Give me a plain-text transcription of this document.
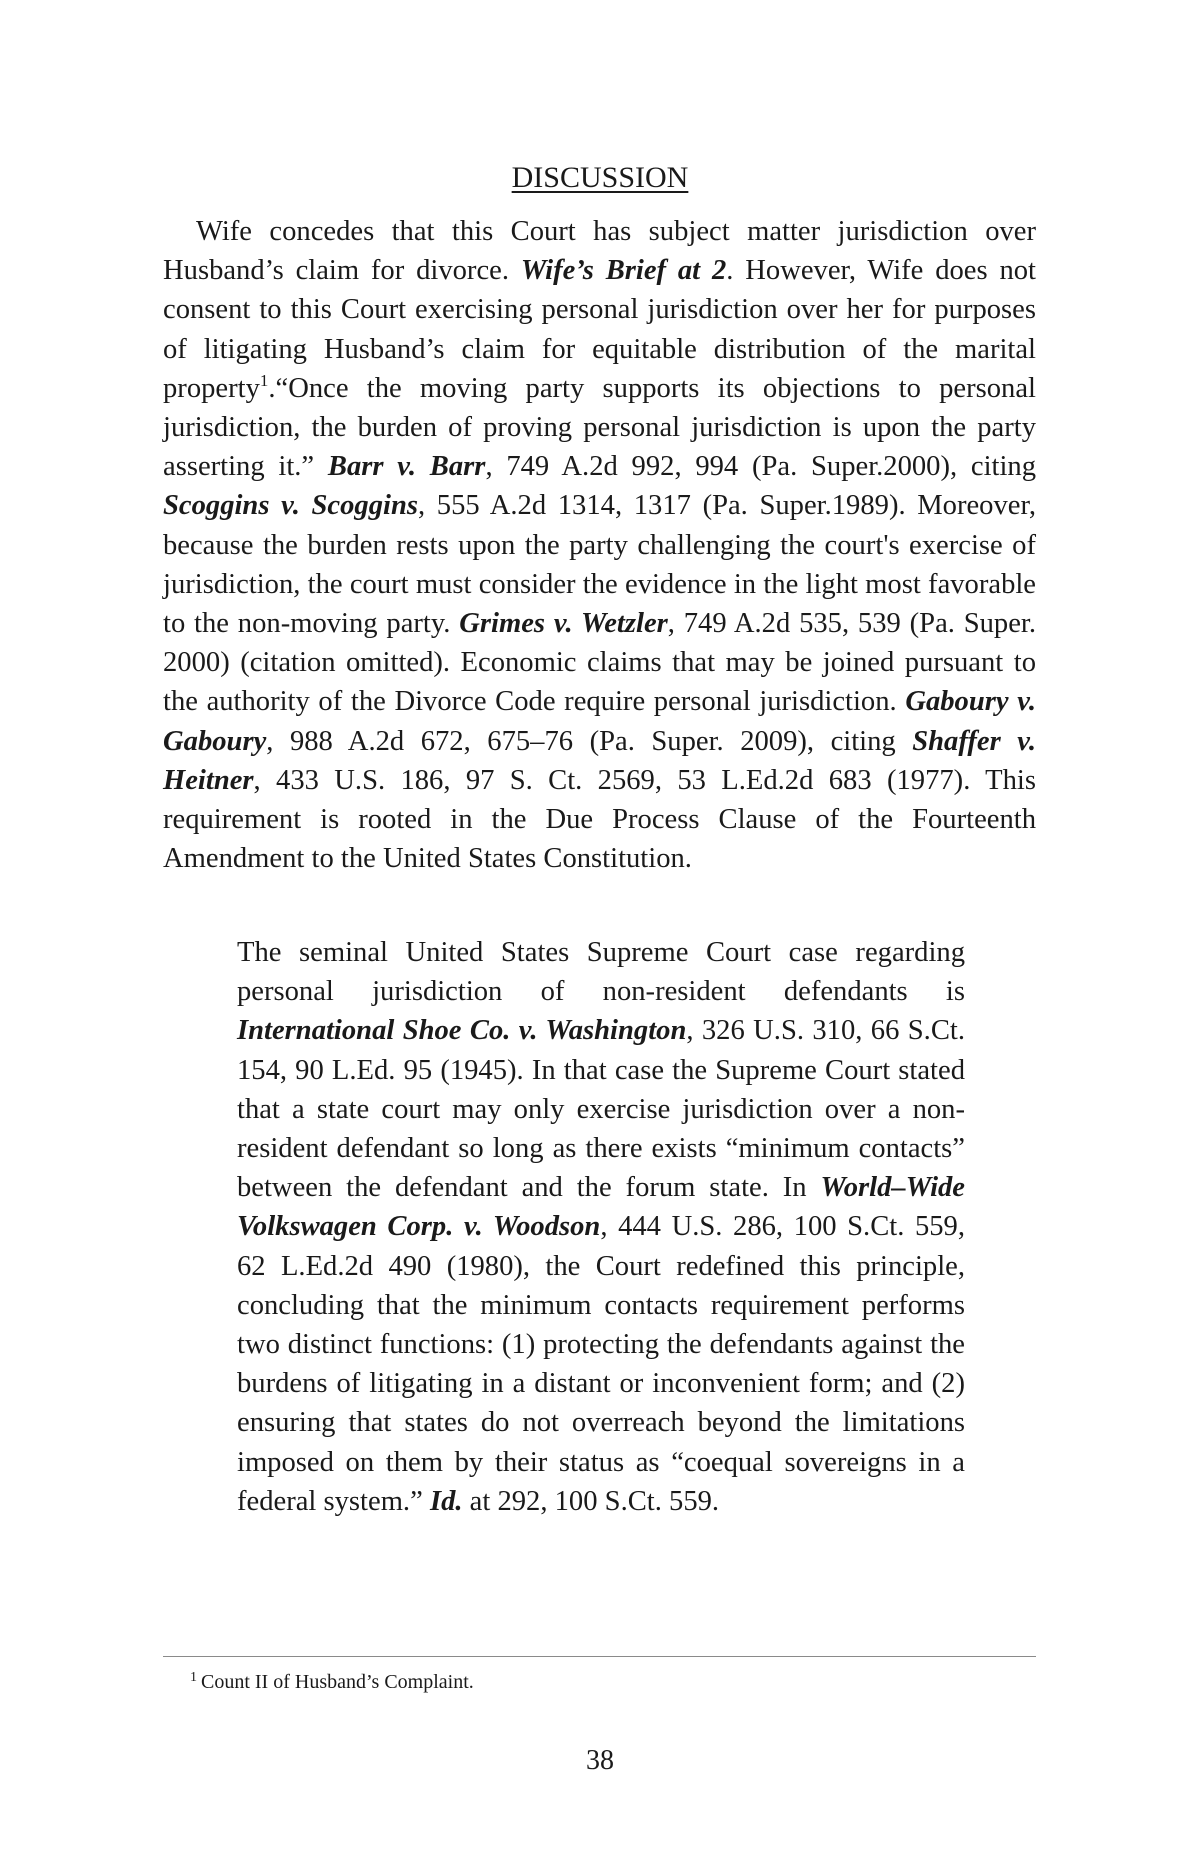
DISCUSSION

Wife concedes that this Court has subject matter jurisdiction over Husband’s claim for divorce. Wife’s Brief at 2. However, Wife does not consent to this Court exercising personal jurisdiction over her for purposes of litigating Husband’s claim for equitable distribution of the marital property$^1$.“Once the moving party supports its objections to personal jurisdiction, the burden of proving personal jurisdiction is upon the party asserting it.” Barr v. Barr, 749 A.2d 992, 994 (Pa. Super.2000), citing Scoggins v. Scoggins, 555 A.2d 1314, 1317 (Pa. Super.1989). Moreover, because the burden rests upon the party challenging the court's exercise of jurisdiction, the court must consider the evidence in the light most favorable to the non-moving party. Grimes v. Wetzler, 749 A.2d 535, 539 (Pa. Super. 2000) (citation omitted). Economic claims that may be joined pursuant to the authority of the Divorce Code require personal jurisdiction. Gaboury v. Gaboury, 988 A.2d 672, 675–76 (Pa. Super. 2009), citing Shaffer v. Heitner, 433 U.S. 186, 97 S. Ct. 2569, 53 L.Ed.2d 683 (1977). This requirement is rooted in the Due Process Clause of the Fourteenth Amendment to the United States Constitution.

The seminal United States Supreme Court case regarding personal jurisdiction of non-resident defendants is International Shoe Co. v. Washington, 326 U.S. 310, 66 S.Ct. 154, 90 L.Ed. 95 (1945). In that case the Supreme Court stated that a state court may only exercise jurisdiction over a non-resident defendant so long as there exists “minimum contacts” between the defendant and the forum state. In World–Wide Volkswagen Corp. v. Woodson, 444 U.S. 286, 100 S.Ct. 559, 62 L.Ed.2d 490 (1980), the Court redefined this principle, concluding that the minimum contacts requirement performs two distinct functions: (1) protecting the defendants against the burdens of litigating in a distant or inconvenient form; and (2) ensuring that states do not overreach beyond the limitations imposed on them by their status as “coequal sovereigns in a federal system.” Id. at 292, 100 S.Ct. 559.

$^1$ Count II of Husband’s Complaint.
38
